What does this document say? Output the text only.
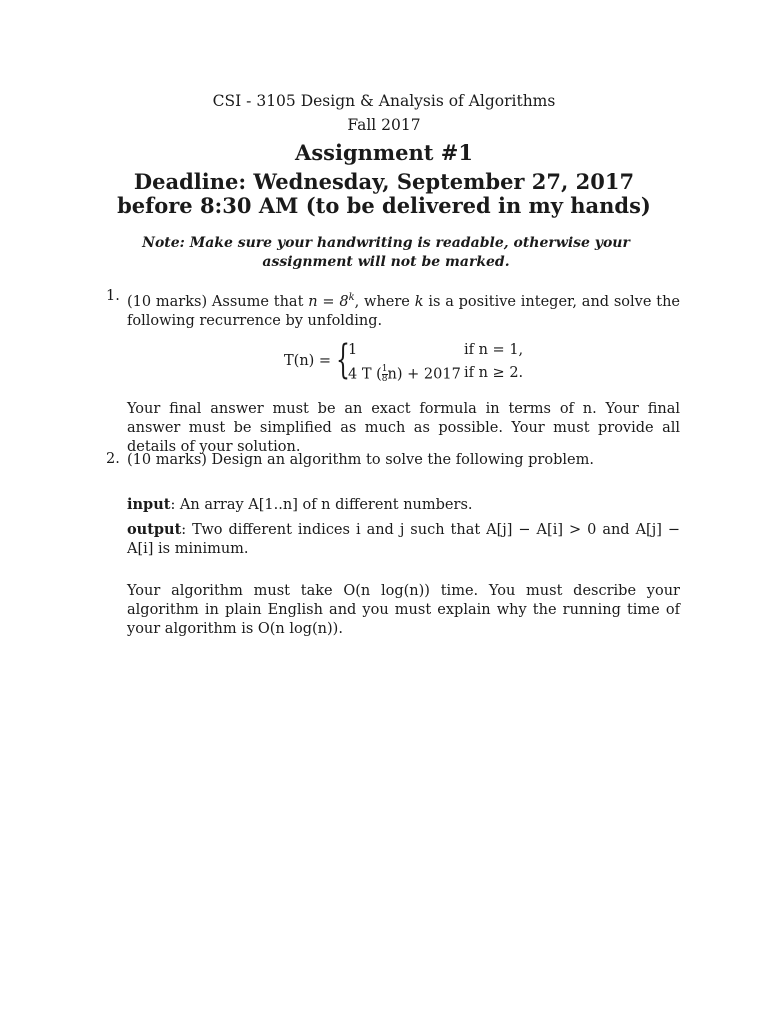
CSI - 3105 Design & Analysis of Algorithms
Fall 2017
Assignment #1
Deadline: Wednesday, September 27, 2017
before 8:30 AM (to be delivered in my hands)
Note: Make sure your handwriting is readable, otherwise your assignment will not be marked.
1. (10 marks) Assume that $n = 8^k$, where k is a positive integer, and solve the following recurrence by unfolding.
T(n) = {
1	if n = 1,
4 T ( $\frac{1}{8} n) + 2017$ if n ≥ 2.
Your final answer must be an exact formula in terms of n. Your final answer must be simplified as much as possible. Your must provide all details of your solution.
2. (10 marks) Design an algorithm to solve the following problem.
input: An array A[1..n] of n different numbers.
output: Two different indices i and j such that A[j] − A[i] > 0 and A[j] − A[i] is minimum.
Your algorithm must take O(n log(n)) time. You must describe your algorithm in plain English and you must explain why the running time of your algorithm is O(n log(n)).
